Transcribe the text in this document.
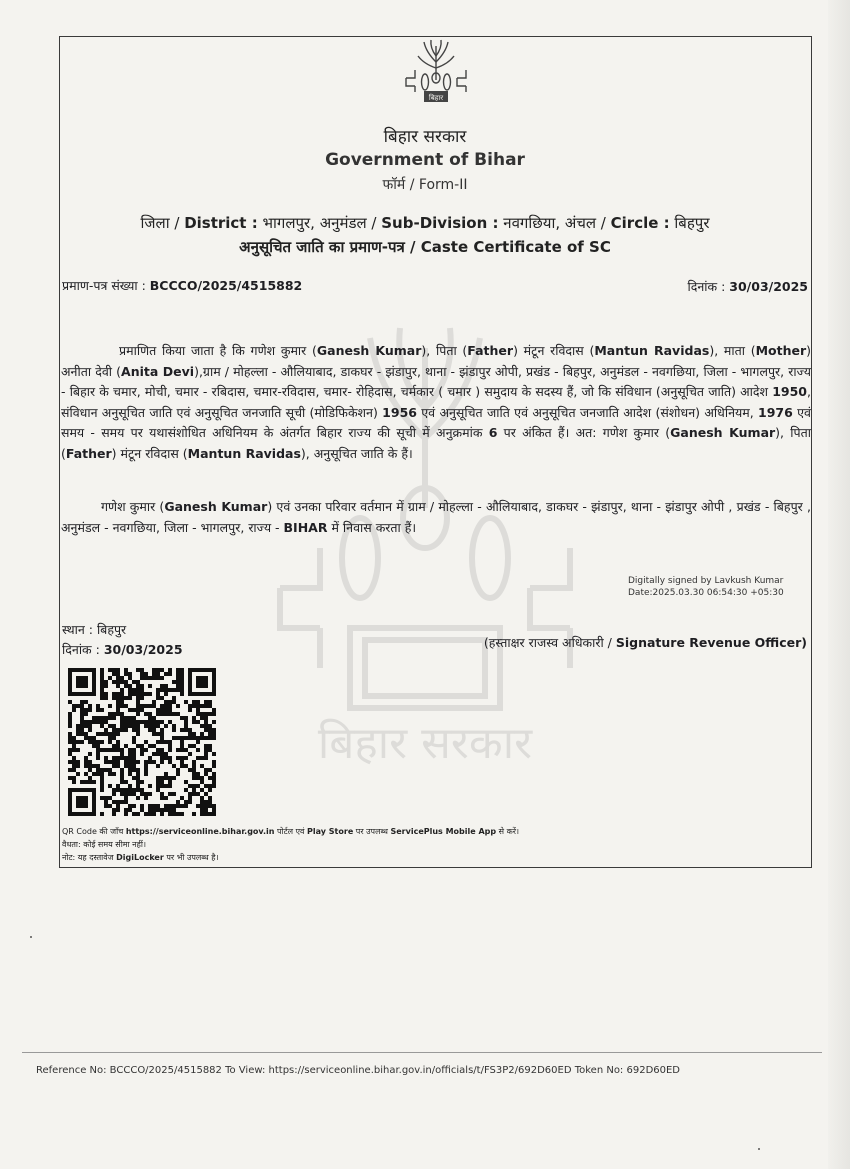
बिहार सरकार
बिहार
बिहार सरकार
Government of Bihar
फॉर्म / Form-II
जिला / District : भागलपुर, अनुमंडल / Sub-Division : नवगछिया, अंचल / Circle : बिहपुर
अनुसूचित जाति का प्रमाण-पत्र / Caste Certificate of SC
प्रमाण-पत्र संख्या : BCCCO/2025/4515882	दिनांक : 30/03/2025
प्रमाणित किया जाता है कि गणेश कुमार (Ganesh Kumar), पिता (Father) मंटून रविदास (Mantun Ravidas), माता (Mother) अनीता देवी (Anita Devi),ग्राम / मोहल्ला - औलियाबाद, डाकघर - झंडापुर, थाना - झंडापुर ओपी, प्रखंड - बिहपुर, अनुमंडल - नवगछिया, जिला - भागलपुर, राज्य - बिहार के चमार, मोची, चमार - रबिदास, चमार-रविदास, चमार- रोहिदास, चर्मकार ( चमार ) समुदाय के सदस्य हैं, जो कि संविधान (अनुसूचित जाति) आदेश 1950, संविधान अनुसूचित जाति एवं अनुसूचित जनजाति सूची (मोडिफिकेशन) 1956 एवं अनुसूचित जाति एवं अनुसूचित जनजाति आदेश (संशोधन) अधिनियम, 1976 एवं समय - समय पर यथासंशोधित अधिनियम के अंतर्गत बिहार राज्य की सूची में अनुक्रमांक 6 पर अंकित हैं। अत: गणेश कुमार (Ganesh Kumar), पिता (Father) मंटून रविदास (Mantun Ravidas), अनुसूचित जाति के हैं।
गणेश कुमार (Ganesh Kumar) एवं उनका परिवार वर्तमान में ग्राम / मोहल्ला - औलियाबाद, डाकघर - झंडापुर, थाना - झंडापुर ओपी , प्रखंड - बिहपुर , अनुमंडल - नवगछिया, जिला - भागलपुर, राज्य - BIHAR में निवास करता हैं।
Digitally signed by Lavkush Kumar
Date:2025.03.30 06:54:30 +05:30
स्थान : बिहपुर
दिनांक : 30/03/2025	(हस्ताक्षर राजस्व अधिकारी / Signature Revenue Officer)
QR Code की जाँच https://serviceonline.bihar.gov.in पोर्टल एवं Play Store पर उपलब्ध ServicePlus Mobile App से करें।
वैधता: कोई समय सीमा नहीं।
नोट: यह दस्तावेज DigiLocker पर भी उपलब्ध है।
Reference No: BCCCO/2025/4515882 To View: https://serviceonline.bihar.gov.in/officials/t/FS3P2/692D60ED Token No: 692D60ED
